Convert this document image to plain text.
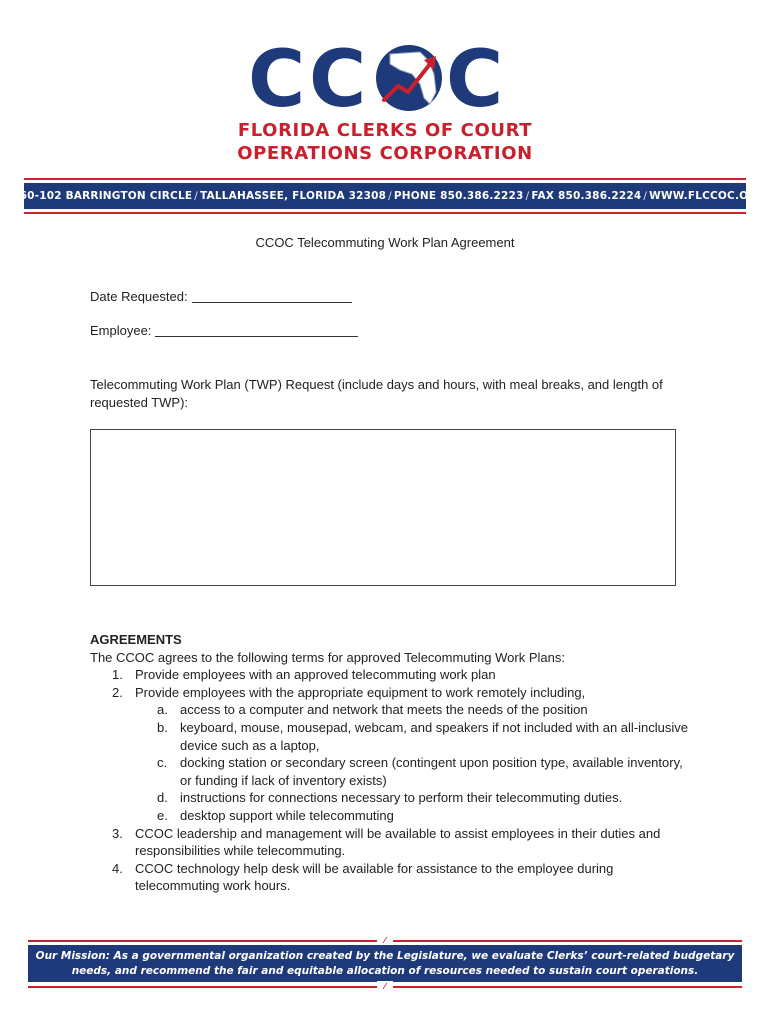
C C C
FLORIDA CLERKS OF COURT
OPERATIONS CORPORATION
2560-102 BARRINGTON CIRCLE ∕ TALLAHASSEE, FLORIDA 32308 ∕ PHONE 850.386.2223 ∕ FAX 850.386.2224 ∕ WWW.FLCCOC.ORG
CCOC Telecommuting Work Plan Agreement
Date Requested:
Employee:
Telecommuting Work Plan (TWP) Request (include days and hours, with meal breaks, and length of requested TWP):
AGREEMENTS
The CCOC agrees to the following terms for approved Telecommuting Work Plans:
1. Provide employees with an approved telecommuting work plan
2. Provide employees with the appropriate equipment to work remotely including,
a. access to a computer and network that meets the needs of the position
b. keyboard, mouse, mousepad, webcam, and speakers if not included with an all-inclusive device such as a laptop,
c. docking station or secondary screen (contingent upon position type, available inventory, or funding if lack of inventory exists)
d. instructions for connections necessary to perform their telecommuting duties.
e. desktop support while telecommuting
3. CCOC leadership and management will be available to assist employees in their duties and responsibilities while telecommuting.
4. CCOC technology help desk will be available for assistance to the employee during telecommuting work hours.
∕
Our Mission: As a governmental organization created by the Legislature, we evaluate Clerks’ court-related budgetary needs, and recommend the fair and equitable allocation of resources needed to sustain court operations.
∕
